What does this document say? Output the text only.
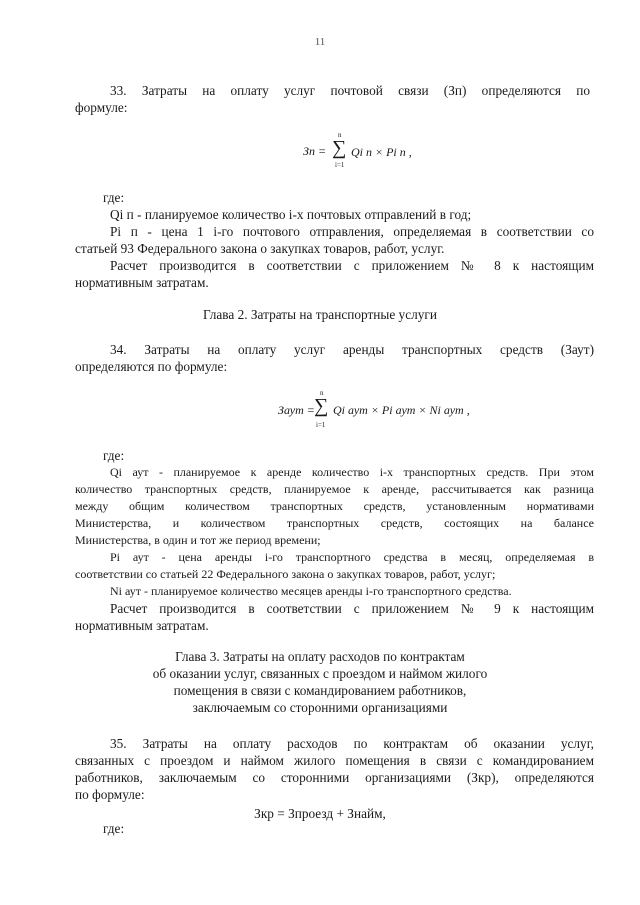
11
33. Затраты на оплату услуг почтовой связи (Зп) определяются по
формуле:
Зп =
n
∑
i=1
Qi п × Pi п ,
где:
Qi п - планируемое количество i-х почтовых отправлений в год;
Pi п - цена 1 i-го почтового отправления, определяемая в соответствии со
статьей 93 Федерального закона о закупках товаров, работ, услуг.
Расчет производится в соответствии с приложением № 8 к настоящим
нормативным затратам.
Глава 2. Затраты на транспортные услуги
34. Затраты на оплату услуг аренды транспортных средств (Заут)
определяются по формуле:
Заут =
n
∑
i=1
Qi аут × Pi аут × Ni аут ,
где:
Qi аут - планируемое к аренде количество i-х транспортных средств. При этом
количество транспортных средств, планируемое к аренде, рассчитывается как разница
между общим количеством транспортных средств, установленным нормативами
Министерства, и количеством транспортных средств, состоящих на балансе
Министерства, в один и тот же период времени;
Pi аут - цена аренды i-го транспортного средства в месяц, определяемая в
соответствии со статьей 22 Федерального закона о закупках товаров, работ, услуг;
Ni аут - планируемое количество месяцев аренды i-го транспортного средства.
Расчет производится в соответствии с приложением № 9 к настоящим
нормативным затратам.
Глава 3. Затраты на оплату расходов по контрактам
об оказании услуг, связанных с проездом и наймом жилого
помещения в связи с командированием работников,
заключаемым со сторонними организациями
35. Затраты на оплату расходов по контрактам об оказании услуг,
связанных с проездом и наймом жилого помещения в связи с командированием
работников, заключаемым со сторонними организациями (Зкр), определяются
по формуле:
Зкр = Зпроезд + Знайм,
где:
